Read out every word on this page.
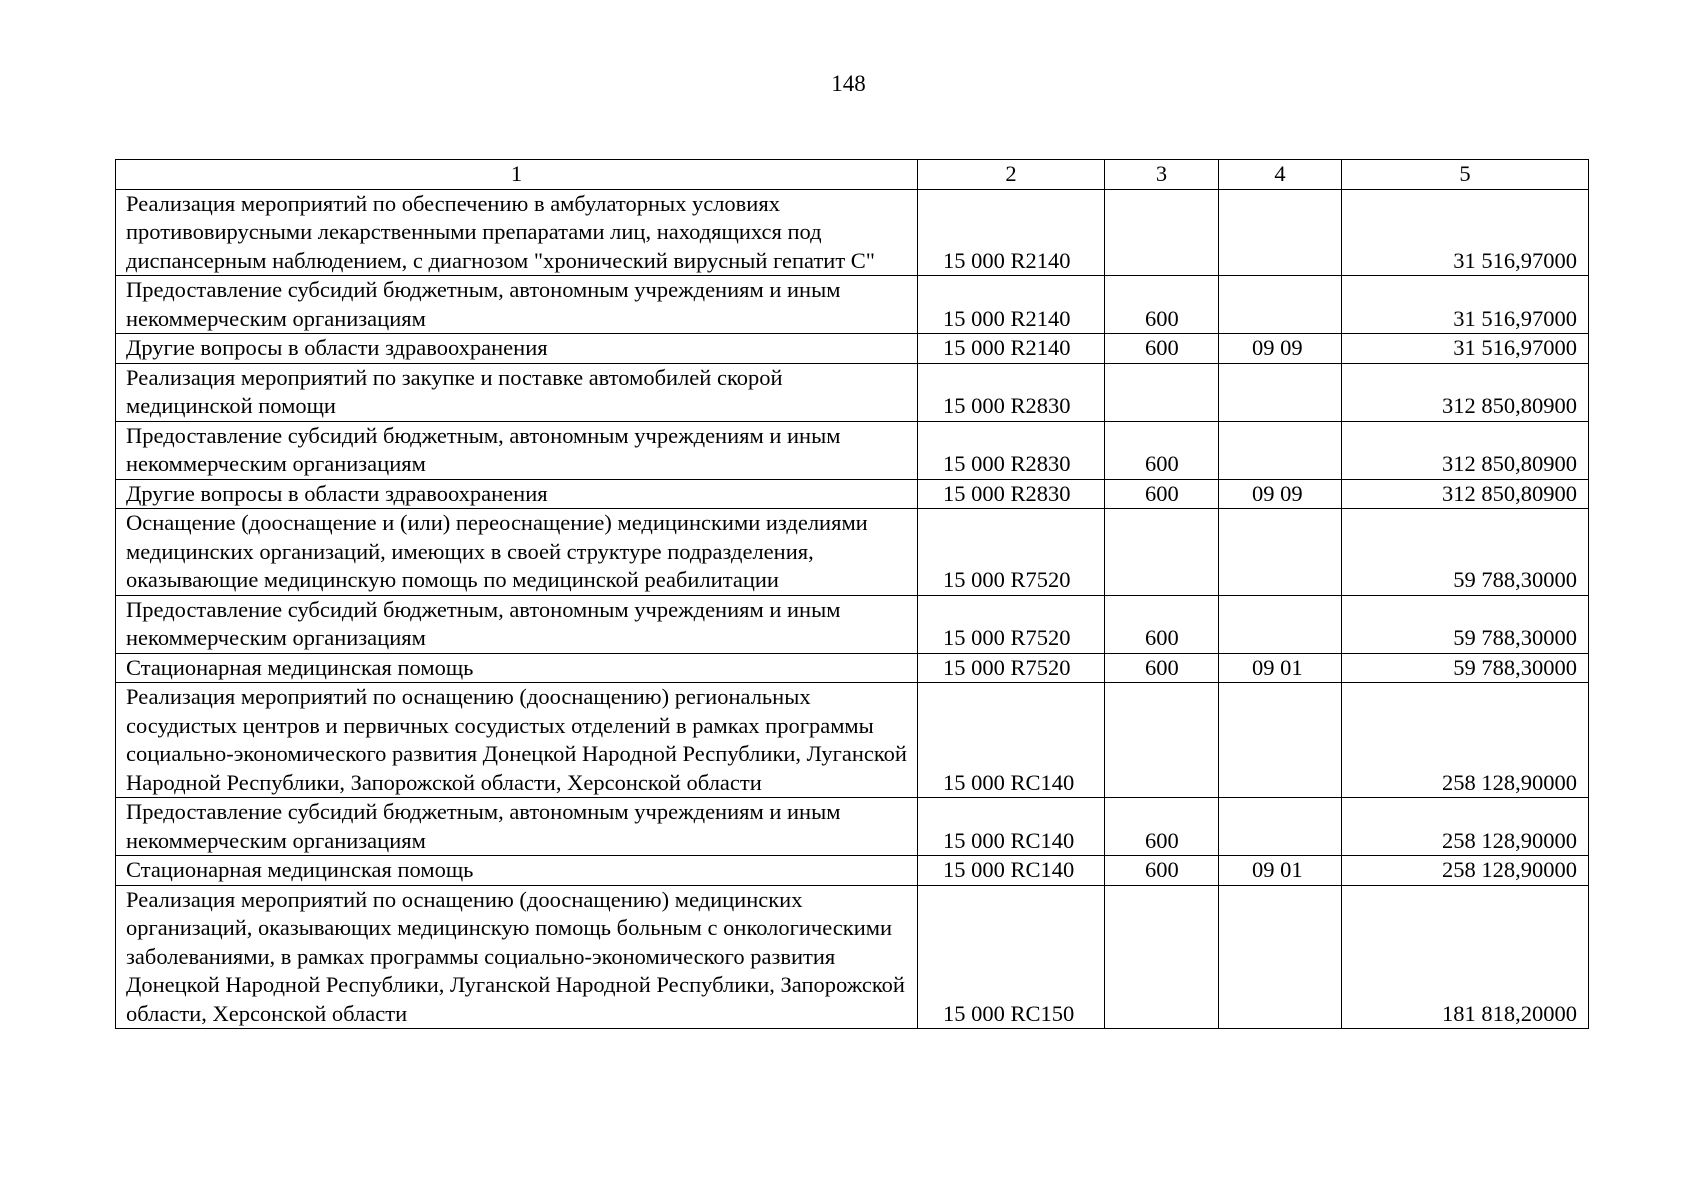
148
1	2	3	4	5
Реализация мероприятий по обеспечению в амбулаторных условиях противовирусными лекарственными препаратами лиц, находящихся под диспансерным наблюдением, с диагнозом "хронический вирусный гепатит С"	15 000 R2140			31 516,97000
Предоставление субсидий бюджетным, автономным учреждениям и иным некоммерческим организациям	15 000 R2140	600		31 516,97000
Другие вопросы в области здравоохранения	15 000 R2140	600	09 09	31 516,97000
Реализация мероприятий по закупке и поставке автомобилей скорой медицинской помощи	15 000 R2830			312 850,80900
Предоставление субсидий бюджетным, автономным учреждениям и иным некоммерческим организациям	15 000 R2830	600		312 850,80900
Другие вопросы в области здравоохранения	15 000 R2830	600	09 09	312 850,80900
Оснащение (дооснащение и (или) переоснащение) медицинскими изделиями медицинских организаций, имеющих в своей структуре подразделения, оказывающие медицинскую помощь по медицинской реабилитации	15 000 R7520			59 788,30000
Предоставление субсидий бюджетным, автономным учреждениям и иным некоммерческим организациям	15 000 R7520	600		59 788,30000
Стационарная медицинская помощь	15 000 R7520	600	09 01	59 788,30000
Реализация мероприятий по оснащению (дооснащению) региональных сосудистых центров и первичных сосудистых отделений в рамках программы социально-экономического развития Донецкой Народной Республики, Луганской Народной Республики, Запорожской области, Херсонской области	15 000 RC140			258 128,90000
Предоставление субсидий бюджетным, автономным учреждениям и иным некоммерческим организациям	15 000 RC140	600		258 128,90000
Стационарная медицинская помощь	15 000 RC140	600	09 01	258 128,90000
Реализация мероприятий по оснащению (дооснащению) медицинских организаций, оказывающих медицинскую помощь больным с онкологическими заболеваниями, в рамках программы социально-экономического развития Донецкой Народной Республики, Луганской Народной Республики, Запорожской области, Херсонской области	15 000 RC150			181 818,20000
